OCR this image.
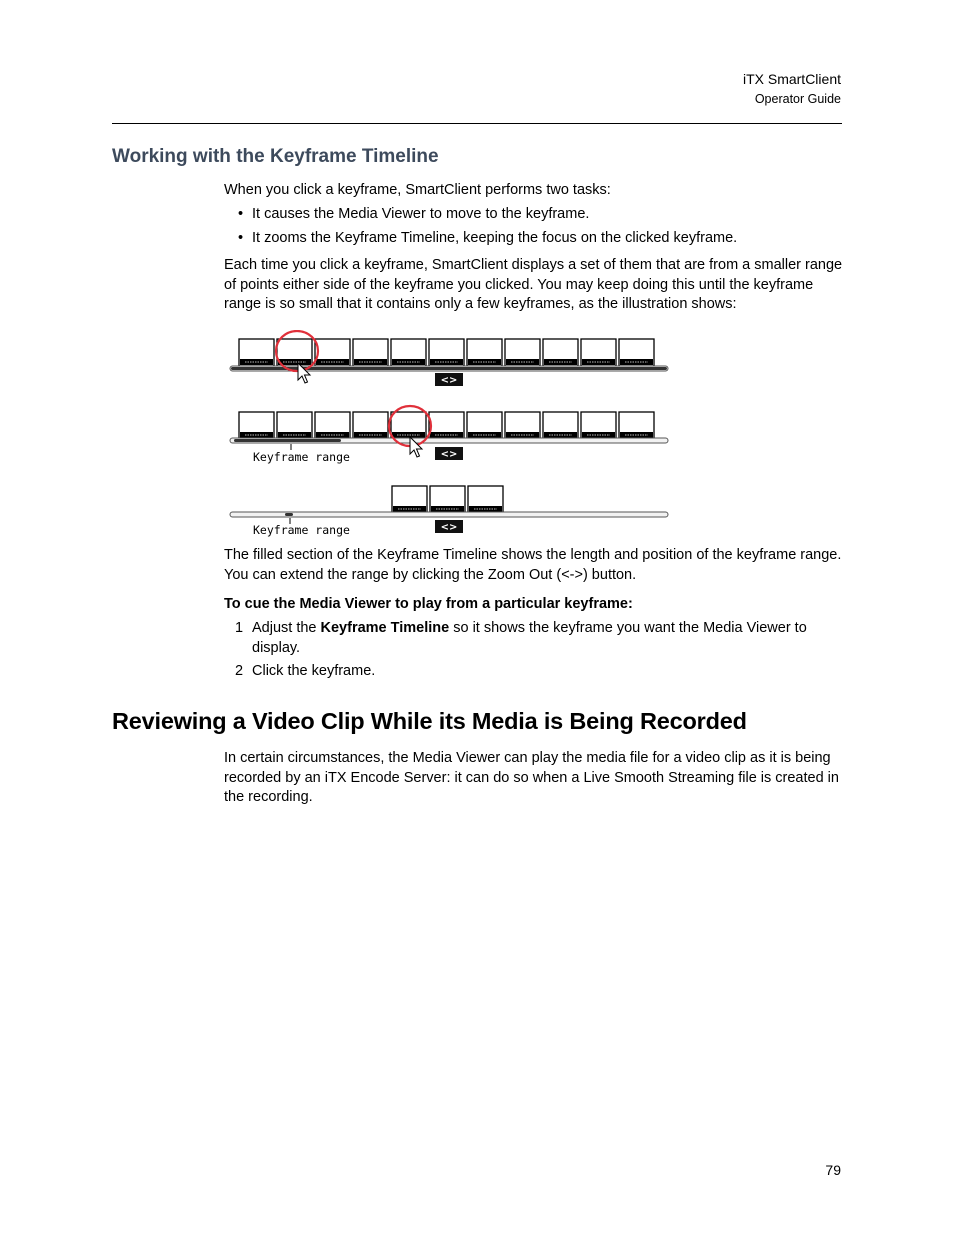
iTX SmartClient
Operator Guide
Working with the Keyframe Timeline

When you click a keyframe, SmartClient performs two tasks:

• It causes the Media Viewer to move to the keyframe.
• It zooms the Keyframe Timeline, keeping the focus on the clicked keyframe.

Each time you click a keyframe, SmartClient displays a set of them that are from a smaller range of points either side of the keyframe you clicked. You may keep doing this until the keyframe range is so small that it contains only a few keyframes, as the illustration shows:

<>
<>
Keyframe range
<>
Keyframe range

The filled section of the Keyframe Timeline shows the length and position of the keyframe range. You can extend the range by clicking the Zoom Out (<->) button.

To cue the Media Viewer to play from a particular keyframe:

1 Adjust the Keyframe Timeline so it shows the keyframe you want the Media Viewer to display.
2 Click the keyframe.
Reviewing a Video Clip While its Media is Being Recorded

In certain circumstances, the Media Viewer can play the media file for a video clip as it is being recorded by an iTX Encode Server: it can do so when a Live Smooth Streaming file is created in the recording.

79
